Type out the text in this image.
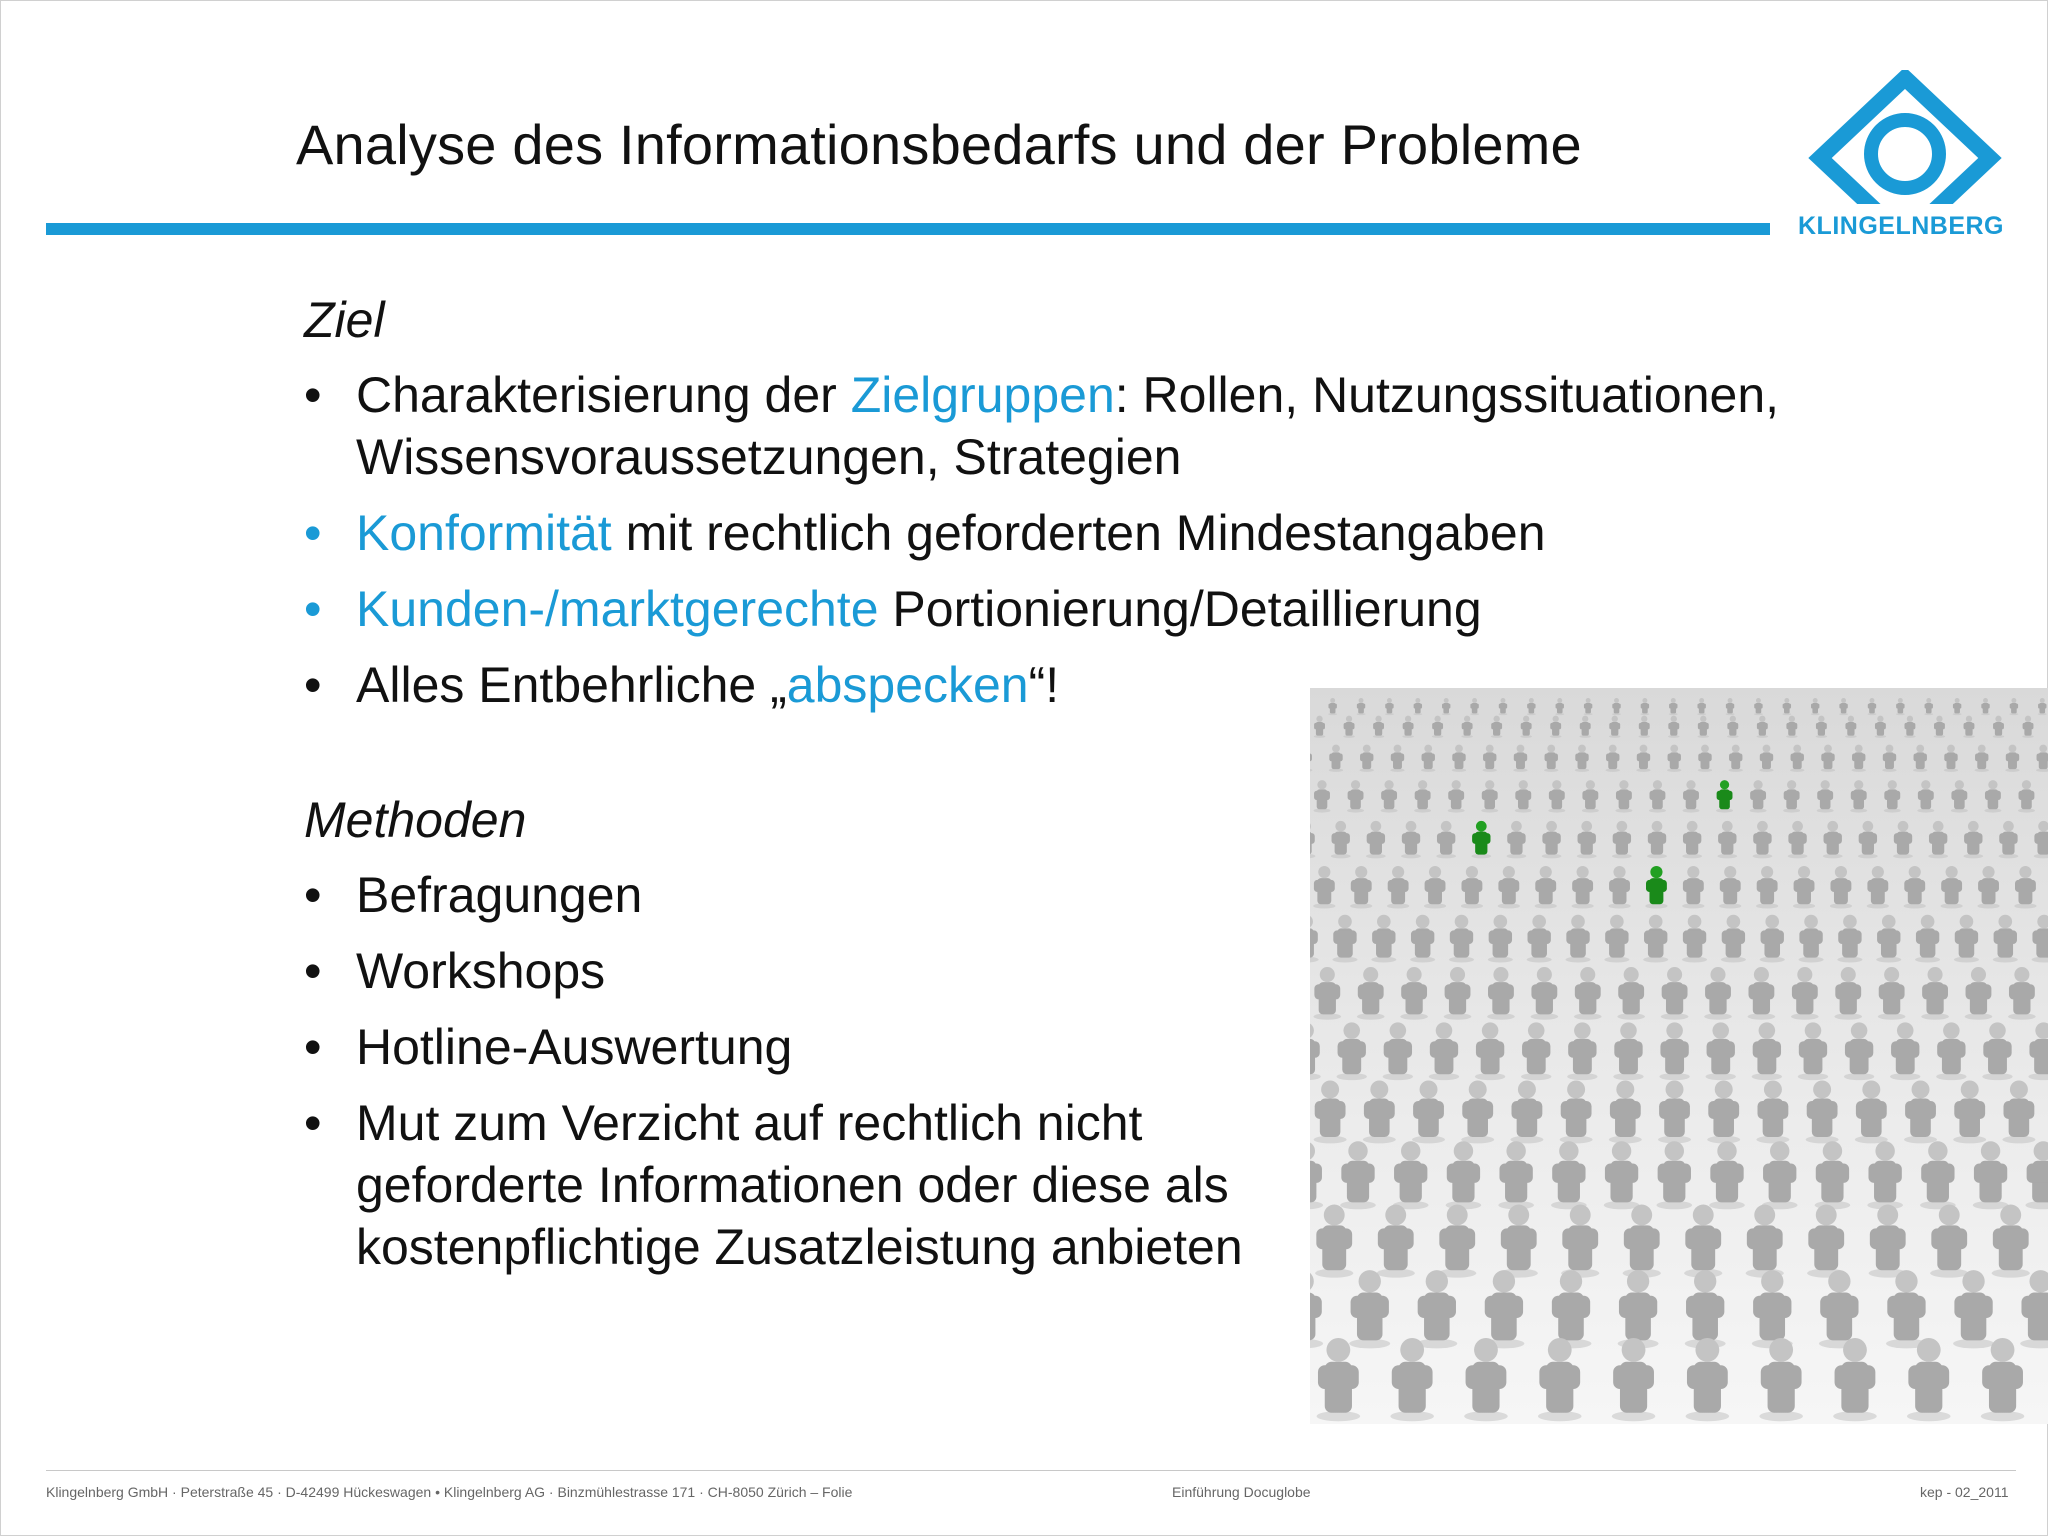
Analyse des Informationsbedarfs und der Probleme
KLINGELNBERG
Ziel
• Charakterisierung der Zielgruppen: Rollen, Nutzungssituationen, Wissensvoraussetzungen, Strategien
• Konformität mit rechtlich geforderten Mindestangaben
• Kunden-/marktgerechte Portionierung/Detaillierung
• Alles Entbehrliche „abspecken“!
Methoden
• Befragungen
• Workshops
• Hotline-Auswertung
• Mut zum Verzicht auf rechtlich nicht geforderte Informationen oder diese als kostenpflichtige Zusatzleistung anbieten
Klingelnberg GmbH · Peterstraße 45 · D-42499 Hückeswagen • Klingelnberg AG · Binzmühlestrasse 171 · CH-8050 Zürich – Folie	Einführung Docuglobe	kep - 02_2011
